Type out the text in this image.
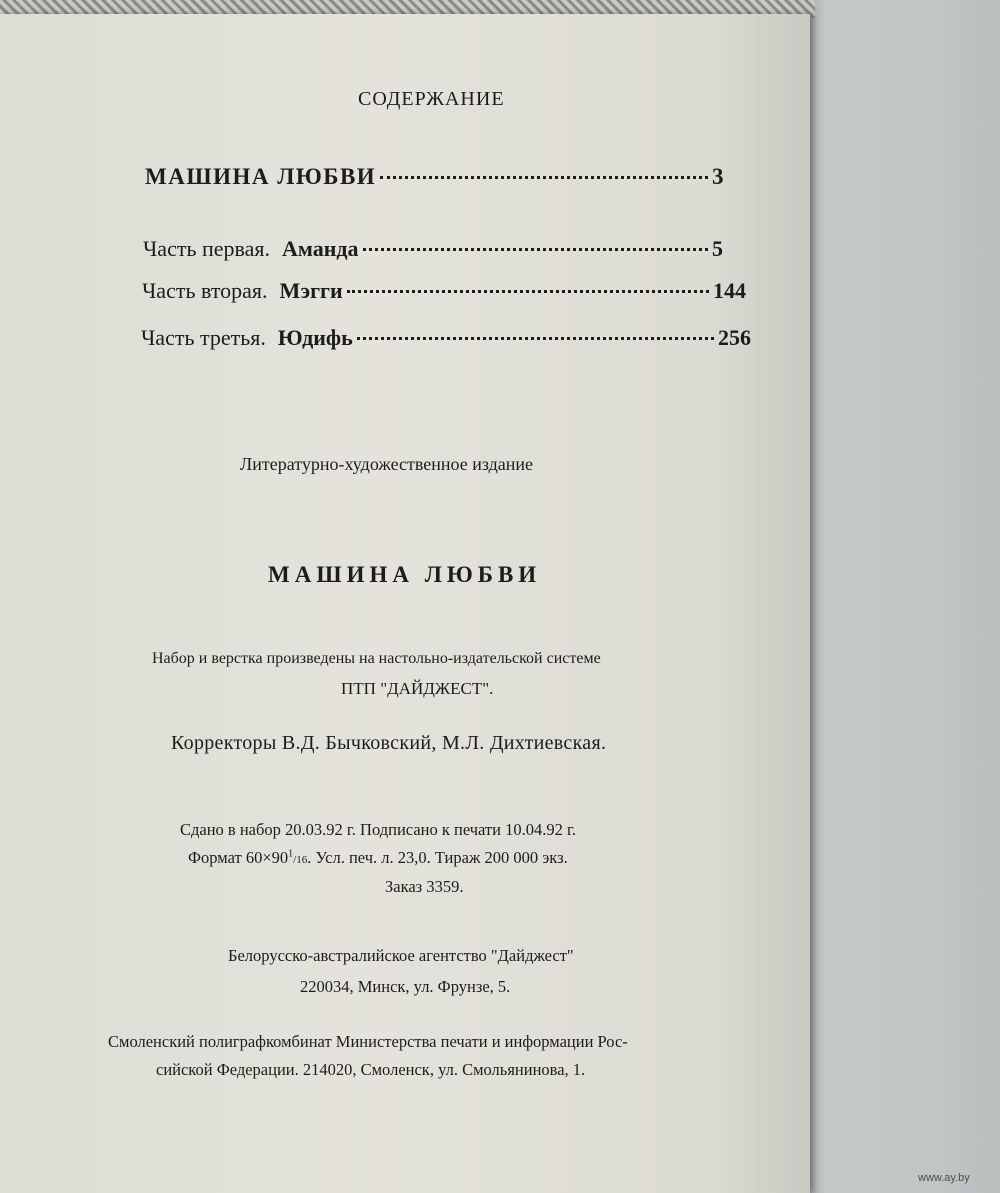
СОДЕРЖАНИЕ
МАШИНА ЛЮБВИ	3
Часть первая. Аманда	5
Часть вторая. Мэгги	144
Часть третья. Юдифь	256
Литературно-художественное издание
МАШИНА ЛЮБВИ
Набор и верстка произведены на настольно-издательской системе
ПТП "ДАЙДЖЕСТ".
Корректоры В.Д. Бычковский, М.Л. Дихтиевская.
Сдано в набор 20.03.92 г. Подписано к печати 10.04.92 г.
Формат $60\times 90^1/16$. Усл. печ. л. 23,0. Тираж 200 000 экз.
Заказ 3359.
Белорусско-австралийское агентство "Дайджест"
220034, Минск, ул. Фрунзе, 5.
Смоленский полиграфкомбинат Министерства печати и информации Рос-
сийской Федерации. 214020, Смоленск, ул. Смольянинова, 1.
www.ay.by
